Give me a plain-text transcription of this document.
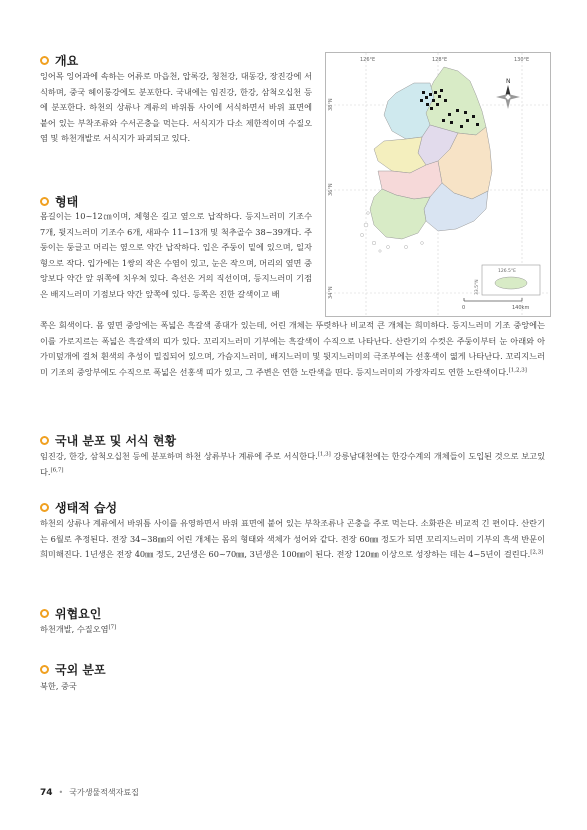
개요
잉어목 잉어과에 속하는 어류로 마읍천, 압록강, 청천강, 대동강, 장진강에 서식하며, 중국 헤이룽강에도 분포한다. 국내에는 임진강, 한강, 삼척오십천 등에 분포한다. 하천의 상류나 계류의 바위틈 사이에 서식하면서 바위 표면에 붙어 있는 부착조류와 수서곤충을 먹는다. 서식지가 다소 제한적이며 수질오염 및 하천개발로 서식지가 파괴되고 있다.
형태
몸길이는 10~12㎝이며, 체형은 길고 옆으로 납작하다. 등지느러미 기조수 7개, 뒷지느러미 기조수 6개, 새파수 11~13개 및 척추골수 38~39개다. 주둥이는 둥글고 머리는 옆으로 약간 납작하다. 입은 주둥이 밑에 있으며, 일자형으로 작다. 입가에는 1쌍의 작은 수염이 있고, 눈은 작으며, 머리의 옆면 중앙보다 약간 앞 위쪽에 치우쳐 있다. 측선은 거의 직선이며, 등지느러미 기점은 배지느러미 기점보다 약간 앞쪽에 있다. 등쪽은 진한 갈색이고 배
쪽은 회색이다. 몸 옆면 중앙에는 폭넓은 흑갈색 종대가 있는데, 어린 개체는 뚜렷하나 비교적 큰 개체는 희미하다. 등지느러미 기조 중앙에는 이를 가로지르는 폭넓은 흑갈색의 띠가 있다. 꼬리지느러미 기부에는 흑갈색이 수직으로 나타난다. 산란기의 수컷은 주둥이부터 눈 아래와 아가미덮개에 걸쳐 흰색의 추성이 밀집되어 있으며, 가슴지느러미, 배지느러미 및 뒷지느러미의 극조부에는 선홍색이 엷게 나타난다. 꼬리지느러미 기조의 중앙부에도 수직으로 폭넓은 선홍색 띠가 있고, 그 주변은 연한 노란색을 띤다. 등지느러미의 가장자리도 연한 노란색이다.[1,2,3]
국내 분포 및 서식 현황
임진강, 한강, 삼척오십천 등에 분포하며 하천 상류부나 계류에 주로 서식한다.[1,3] 강릉남대천에는 한강수계의 개체들이 도입된 것으로 보고있다.[6,7]
생태적 습성
하천의 상류나 계류에서 바위틈 사이를 유영하면서 바위 표면에 붙어 있는 부착조류나 곤충을 주로 먹는다. 소화관은 비교적 긴 편이다. 산란기는 6월로 추정된다. 전장 34~38㎜의 어린 개체는 몸의 형태와 색체가 성어와 같다. 전장 60㎜ 정도가 되면 꼬리지느러미 기부의 흑색 반문이 희미해진다. 1년생은 전장 40㎜ 정도, 2년생은 60~70㎜, 3년생은 100㎜이 된다. 전장 120㎜ 이상으로 성장하는 데는 4~5년이 걸린다.[2,3]
위협요인
하천개발, 수질오염[7]
국외 분포
북한, 중국
126°E	128°E	130°E
38°N
36°N
34°N
N
126.5°E
33.5°N
0	140km
74 • 국가생물적색자료집
